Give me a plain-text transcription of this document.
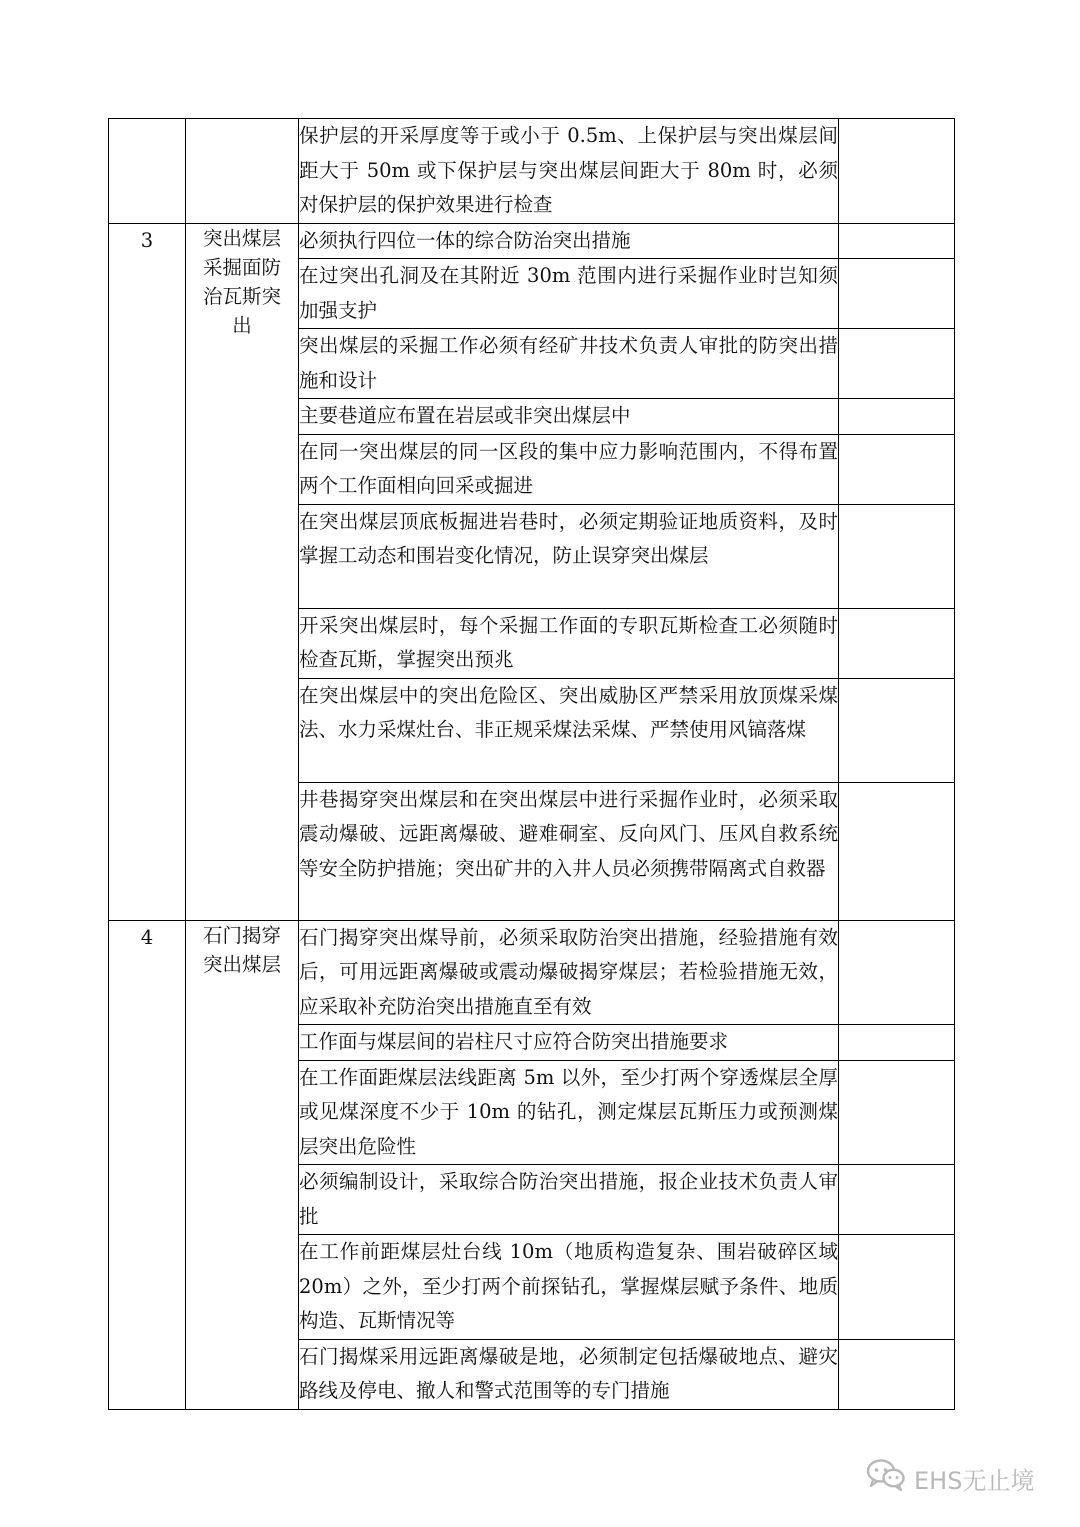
		保护层的开采厚度等于或小于 0.5m、上保护层与突出煤层间距大于 50m 或下保护层与突出煤层间距大于 80m 时，必须对保护层的保护效果进行检查	

3	突出煤层
采掘面防
治瓦斯突
出	必须执行四位一体的综合防治突出措施	

		在过突出孔洞及在其附近 30m 范围内进行采掘作业时岂知须加强支护	

		突出煤层的采掘工作必须有经矿井技术负责人审批的防突出措施和设计	

		主要巷道应布置在岩层或非突出煤层中	

		在同一突出煤层的同一区段的集中应力影响范围内，不得布置两个工作面相向回采或掘进	

		在突出煤层顶底板掘进岩巷时，必须定期验证地质资料，及时掌握工动态和围岩变化情况，防止误穿突出煤层	

		开采突出煤层时，每个采掘工作面的专职瓦斯检查工必须随时检查瓦斯，掌握突出预兆	

		在突出煤层中的突出危险区、突出威胁区严禁采用放顶煤采煤法、水力采煤灶台、非正规采煤法采煤、严禁使用风镐落煤	

		井巷揭穿突出煤层和在突出煤层中进行采掘作业时，必须采取震动爆破、远距离爆破、避难硐室、反向风门、压风自救系统等安全防护措施；突出矿井的入井人员必须携带隔离式自救器	

4	石门揭穿
突出煤层	石门揭穿突出煤导前，必须采取防治突出措施，经验措施有效后，可用远距离爆破或震动爆破揭穿煤层；若检验措施无效，应采取补充防治突出措施直至有效	

		工作面与煤层间的岩柱尺寸应符合防突出措施要求	

		在工作面距煤层法线距离 5m 以外，至少打两个穿透煤层全厚或见煤深度不少于 10m 的钻孔，测定煤层瓦斯压力或预测煤层突出危险性	

		必须编制设计，采取综合防治突出措施，报企业技术负责人审批	

		在工作前距煤层灶台线 10m（地质构造复杂、围岩破碎区域 20m）之外，至少打两个前探钻孔，掌握煤层赋予条件、地质构造、瓦斯情况等	

		石门揭煤采用远距离爆破是地，必须制定包括爆破地点、避灾路线及停电、撤人和警式范围等的专门措施	

EHS无止境
